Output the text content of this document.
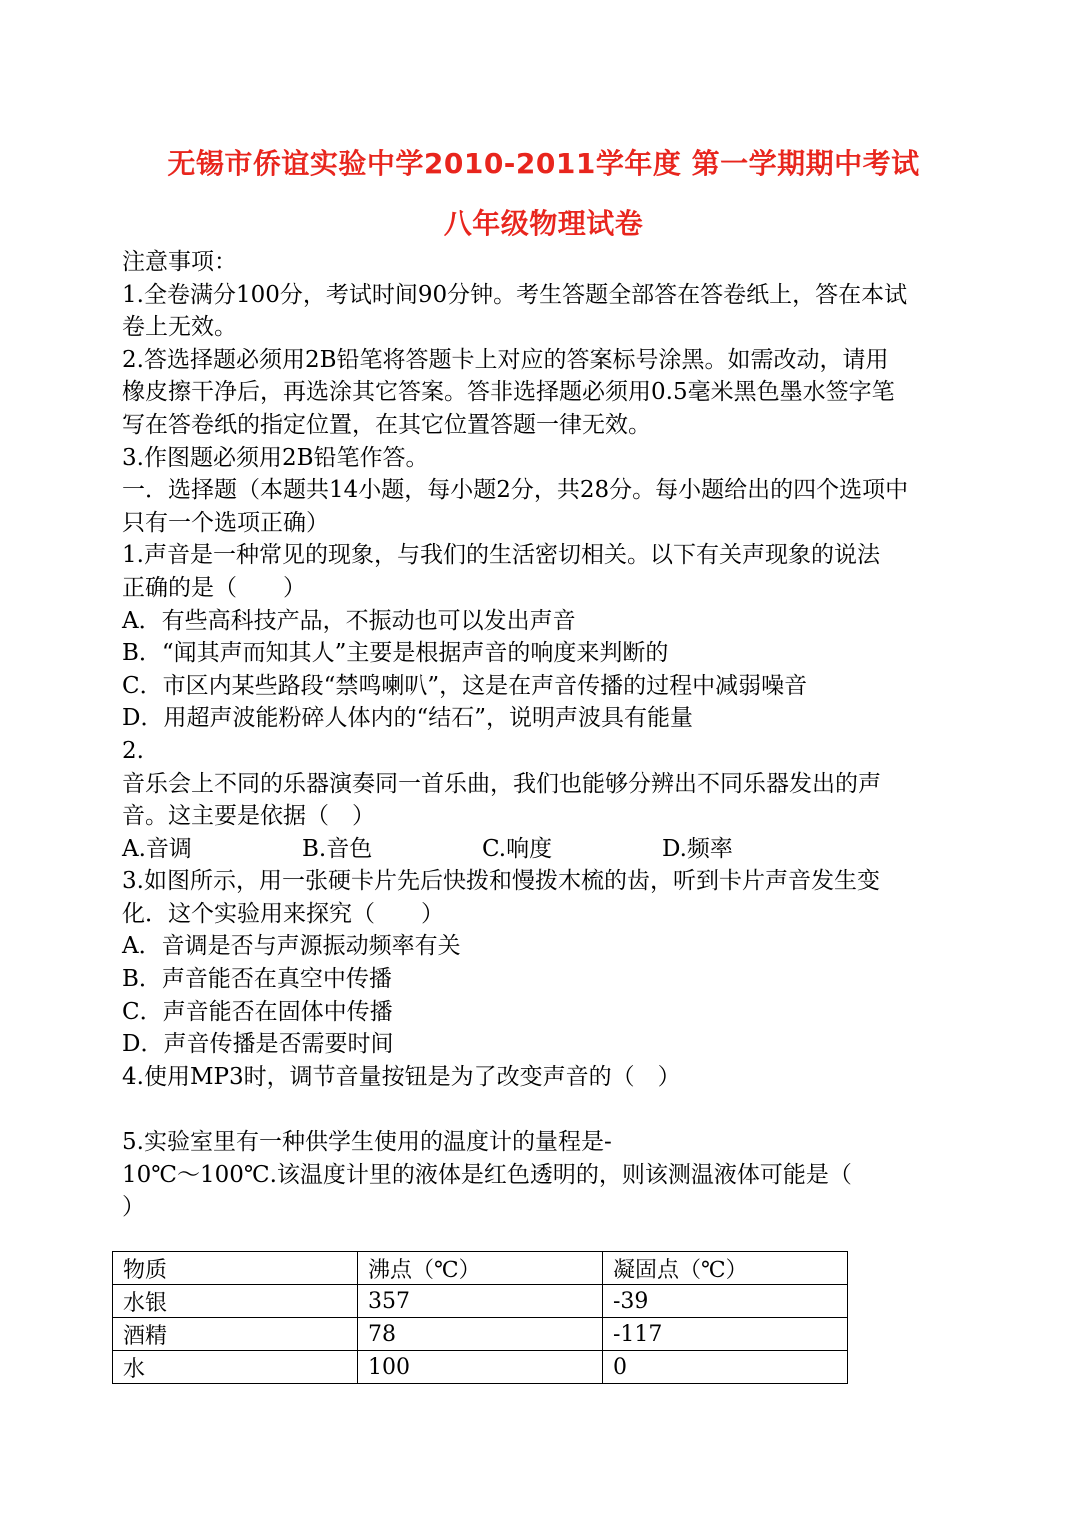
无锡市侨谊实验中学2010-2011学年度 第一学期期中考试
八年级物理试卷
注意事项：
1.全卷满分100分，考试时间90分钟。考生答题全部答在答卷纸上，答在本试
卷上无效。
2.答选择题必须用2B铅笔将答题卡上对应的答案标号涂黑。如需改动，请用
橡皮擦干净后，再选涂其它答案。答非选择题必须用0.5毫米黑色墨水签字笔
写在答卷纸的指定位置，在其它位置答题一律无效。
3.作图题必须用2B铅笔作答。
一．选择题（本题共14小题，每小题2分，共28分。每小题给出的四个选项中
只有一个选项正确）
1.声音是一种常见的现象，与我们的生活密切相关。以下有关声现象的说法
正确的是（　　）
A．有些高科技产品，不振动也可以发出声音
B．“闻其声而知其人”主要是根据声音的响度来判断的
C．市区内某些路段“禁鸣喇叭”，这是在声音传播的过程中减弱噪音
D．用超声波能粉碎人体内的“结石”，说明声波具有能量
2.
音乐会上不同的乐器演奏同一首乐曲，我们也能够分辨出不同乐器发出的声
音。这主要是依据（　）
A.音调	B.音色	C.响度	D.频率
3.如图所示，用一张硬卡片先后快拨和慢拨木梳的齿，听到卡片声音发生变
化．这个实验用来探究（　　）
A．音调是否与声源振动频率有关
B．声音能否在真空中传播
C．声音能否在固体中传播
D．声音传播是否需要时间
4.使用MP3时，调节音量按钮是为了改变声音的（　）
5.实验室里有一种供学生使用的温度计的量程是-
10℃～100℃.该温度计里的液体是红色透明的，则该测温液体可能是（
）
物质	沸点（℃）	凝固点（℃）
水银	357	-39
酒精	78	-117
水	100	0
